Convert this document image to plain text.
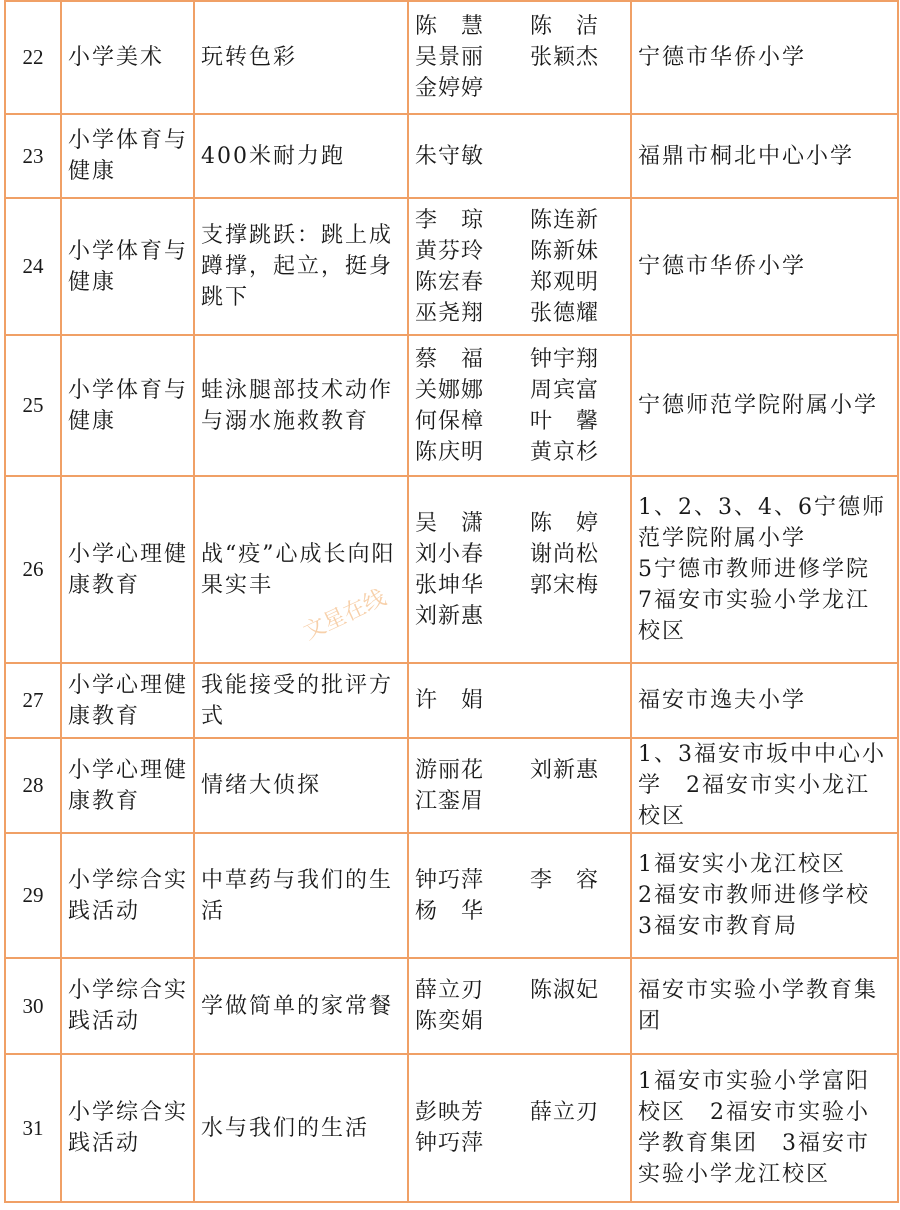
22	小学美术	玩转色彩	陈　慧　　陈　洁
吴景丽　　张颖杰
金婷婷	宁德市华侨小学
23	小学体育与健康	400米耐力跑	朱守敏	福鼎市桐北中心小学
24	小学体育与健康	支撑跳跃：跳上成蹲撑，起立，挺身跳下	李　琼　　陈连新
黄芬玲　　陈新妹
陈宏春　　郑观明
巫尧翔　　张德耀	宁德市华侨小学
25	小学体育与健康	蛙泳腿部技术动作与溺水施救教育	蔡　福　　钟宇翔
关娜娜　　周宾富
何保樟　　叶　馨
陈庆明　　黄京杉	宁德师范学院附属小学
26	小学心理健康教育	战“疫”心成长向阳果实丰	吴　潇　　陈　婷
刘小春　　谢尚松
张坤华　　郭宋梅
刘新惠	1、2、3、4、6宁德师范学院附属小学
5宁德市教师进修学院
7福安市实验小学龙江校区
27	小学心理健康教育	我能接受的批评方式	许　娟	福安市逸夫小学
28	小学心理健康教育	情绪大侦探	游丽花　　刘新惠
江銮眉	1、3福安市坂中中心小学　2福安市实小龙江校区
29	小学综合实践活动	中草药与我们的生活	钟巧萍　　李　容
杨　华	1福安实小龙江校区
2福安市教师进修学校
3福安市教育局
30	小学综合实践活动	学做简单的家常餐	薛立刃　　陈淑妃
陈奕娟	福安市实验小学教育集团
31	小学综合实践活动	水与我们的生活	彭映芳　　薛立刃
钟巧萍	1福安市实验小学富阳校区　2福安市实验小学教育集团　3福安市实验小学龙江校区
文星在线
